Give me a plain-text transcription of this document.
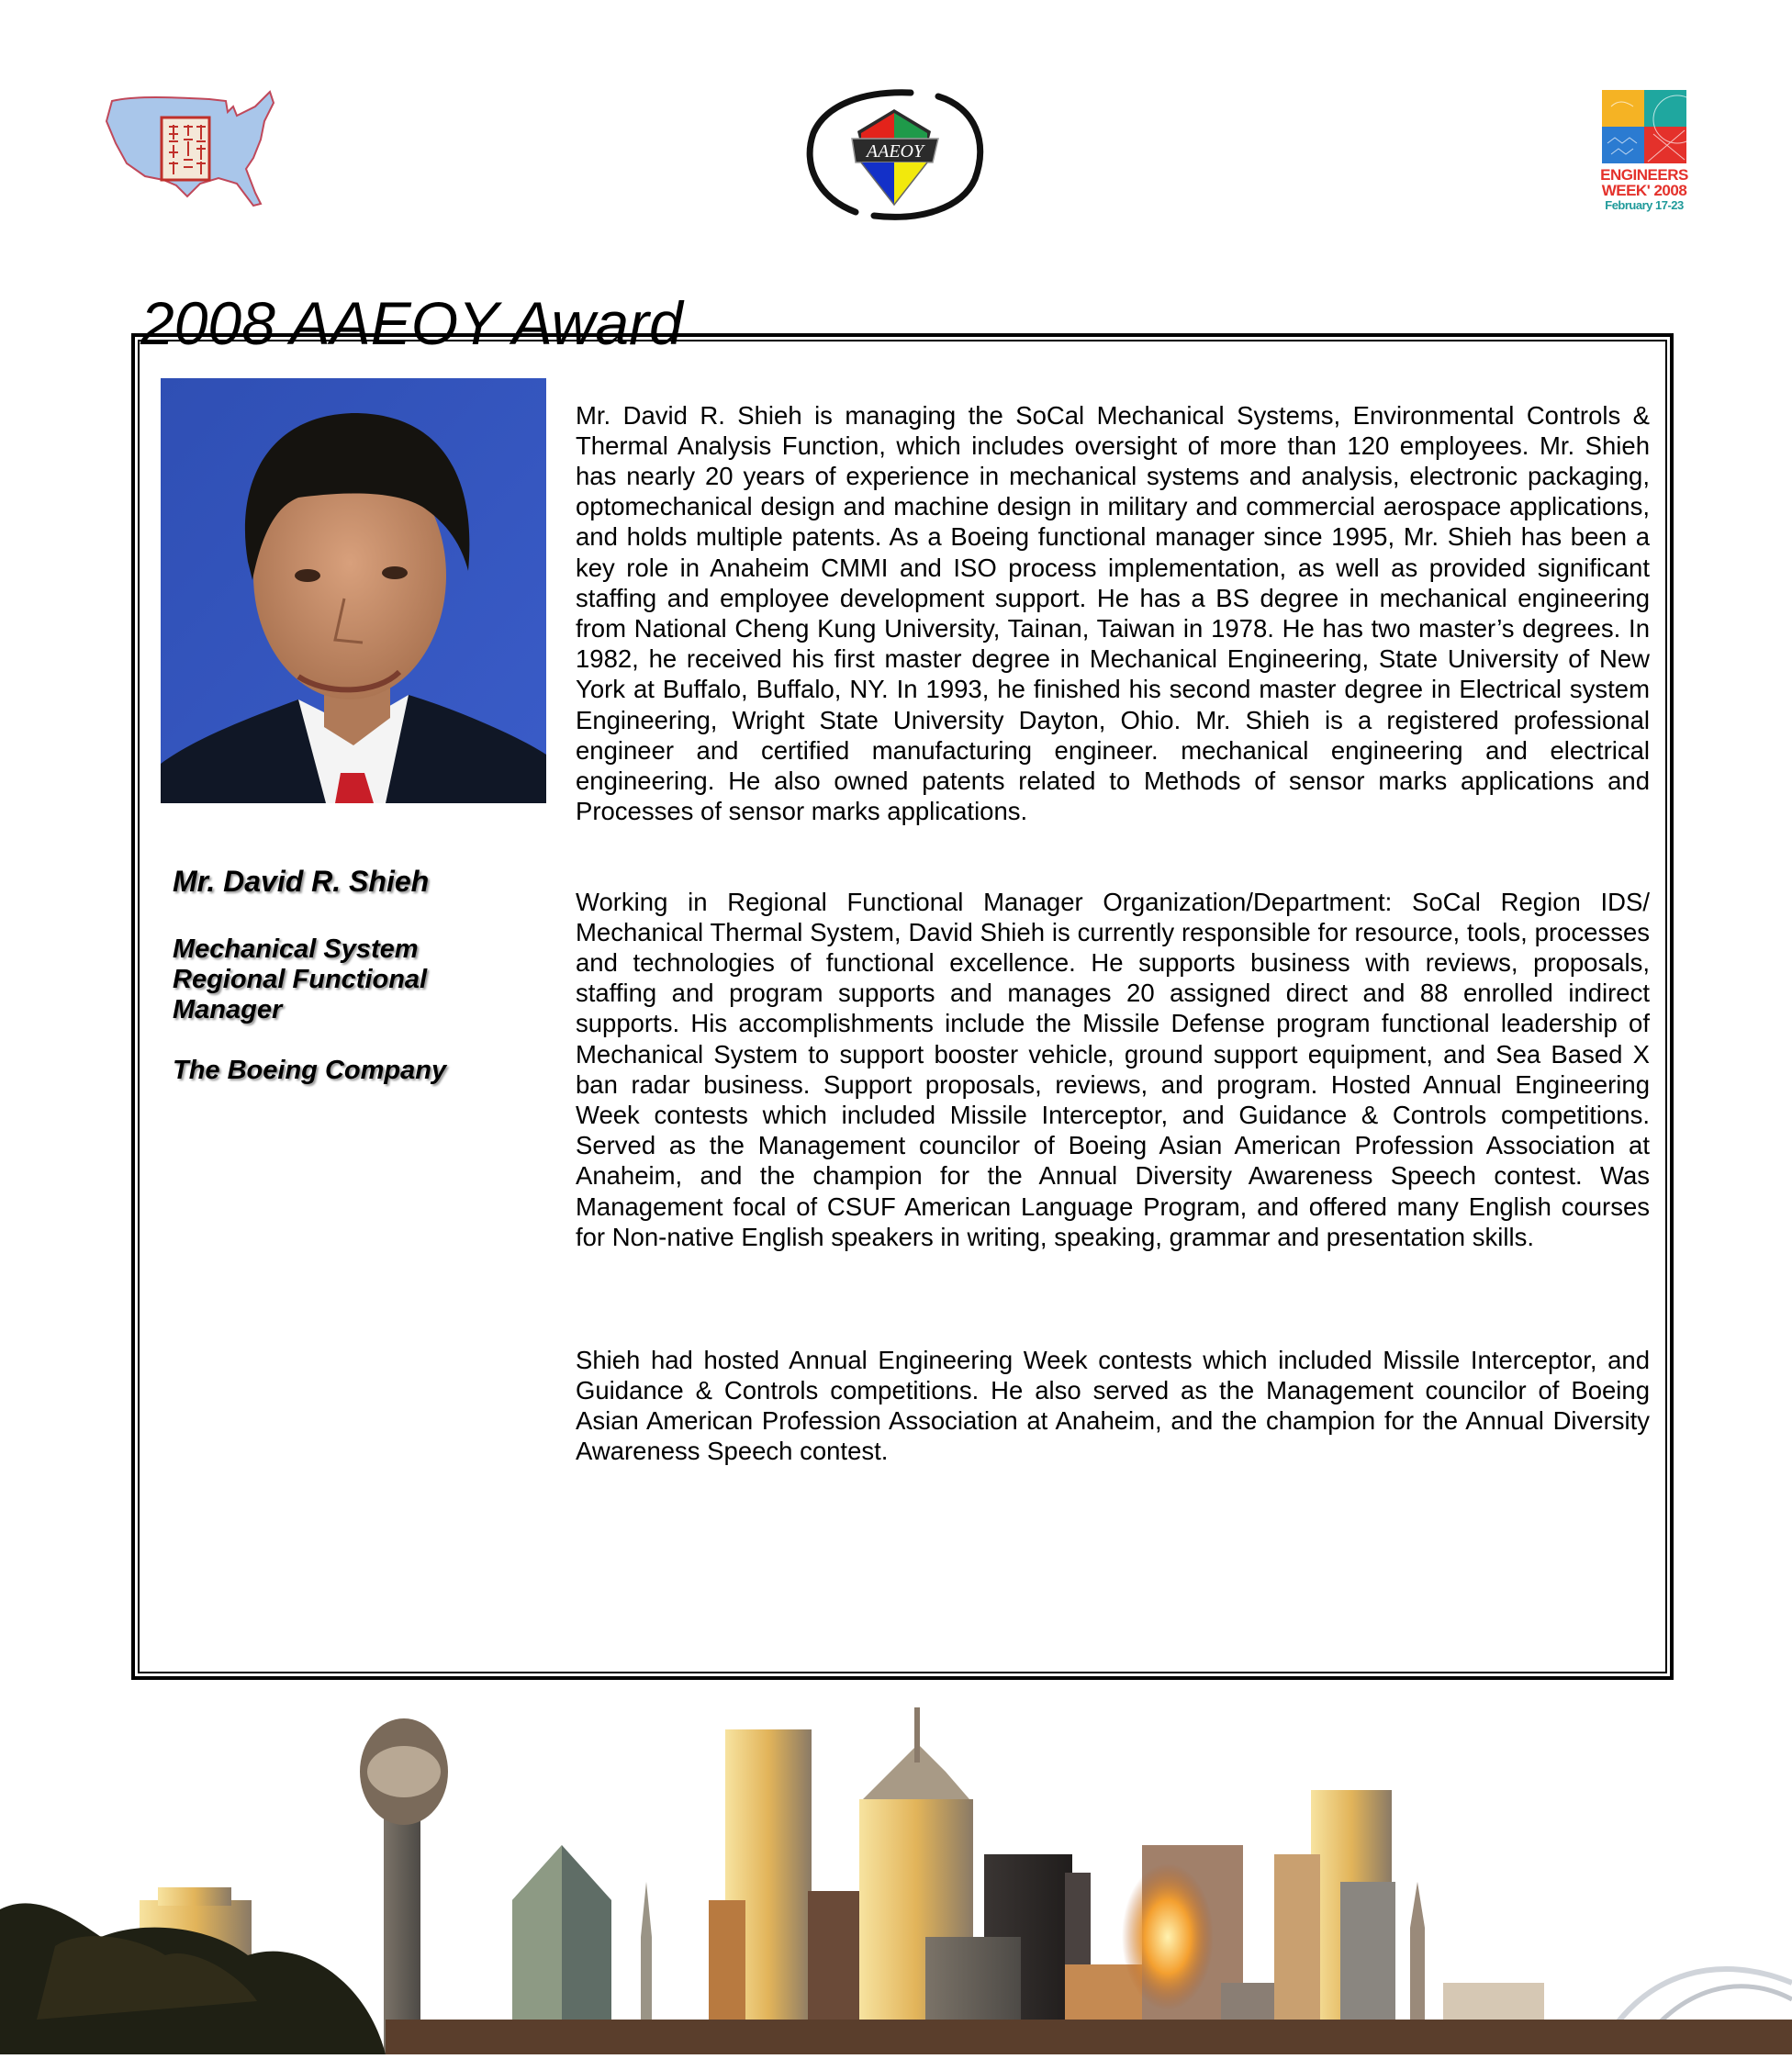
AAEOY
ENGINEERS
WEEK' 2008
February 17-23
2008 AAEOY Award
Mr. David R. Shieh
Mechanical System
Regional Functional
Manager
The Boeing Company

Mr. David R. Shieh is managing the SoCal Mechanical Systems, Environmental Controls & Thermal Analysis Function, which includes oversight of more than 120 employees. Mr. Shieh has nearly 20 years of experience in mechanical systems and analysis, electronic packaging, optomechanical design and machine design in military and commercial aerospace applications, and holds multiple patents. As a Boeing functional manager since 1995, Mr. Shieh has been a key role in Anaheim CMMI and ISO process implementation, as well as provided significant staffing and employee development support. He has a BS degree in mechanical engineering from National Cheng Kung University, Tainan, Taiwan in 1978. He has two master’s degrees. In 1982, he received his first master degree in Mechanical Engineering, State University of New York at Buffalo, Buffalo, NY. In 1993, he finished his second master degree in Electrical system Engineering, Wright State University Dayton, Ohio. Mr. Shieh is a registered professional engineer and certified manufacturing engineer. mechanical engineering and electrical engineering. He also owned patents related to Methods of sensor marks applications and Processes of sensor marks applications.

Working in Regional Functional Manager Organization/Department: SoCal Region IDS/ Mechanical Thermal System, David Shieh is currently responsible for resource, tools, processes and technologies of functional excellence. He supports business with reviews, proposals, staffing and program supports and manages 20 assigned direct and 88 enrolled indirect supports. His accomplishments include the Missile Defense program functional leadership of Mechanical System to support booster vehicle, ground support equipment, and Sea Based X ban radar business. Support proposals, reviews, and program. Hosted Annual Engineering Week contests which included Missile Interceptor, and Guidance & Controls competitions. Served as the Management councilor of Boeing Asian American Profession Association at Anaheim, and the champion for the Annual Diversity Awareness Speech contest. Was Management focal of CSUF American Language Program, and offered many English courses for Non-native English speakers in writing, speaking, grammar and presentation skills.

Shieh had hosted Annual Engineering Week contests which included Missile Interceptor, and Guidance & Controls competitions. He also served as the Management councilor of Boeing Asian American Profession Association at Anaheim, and the champion for the Annual Diversity Awareness Speech contest.
